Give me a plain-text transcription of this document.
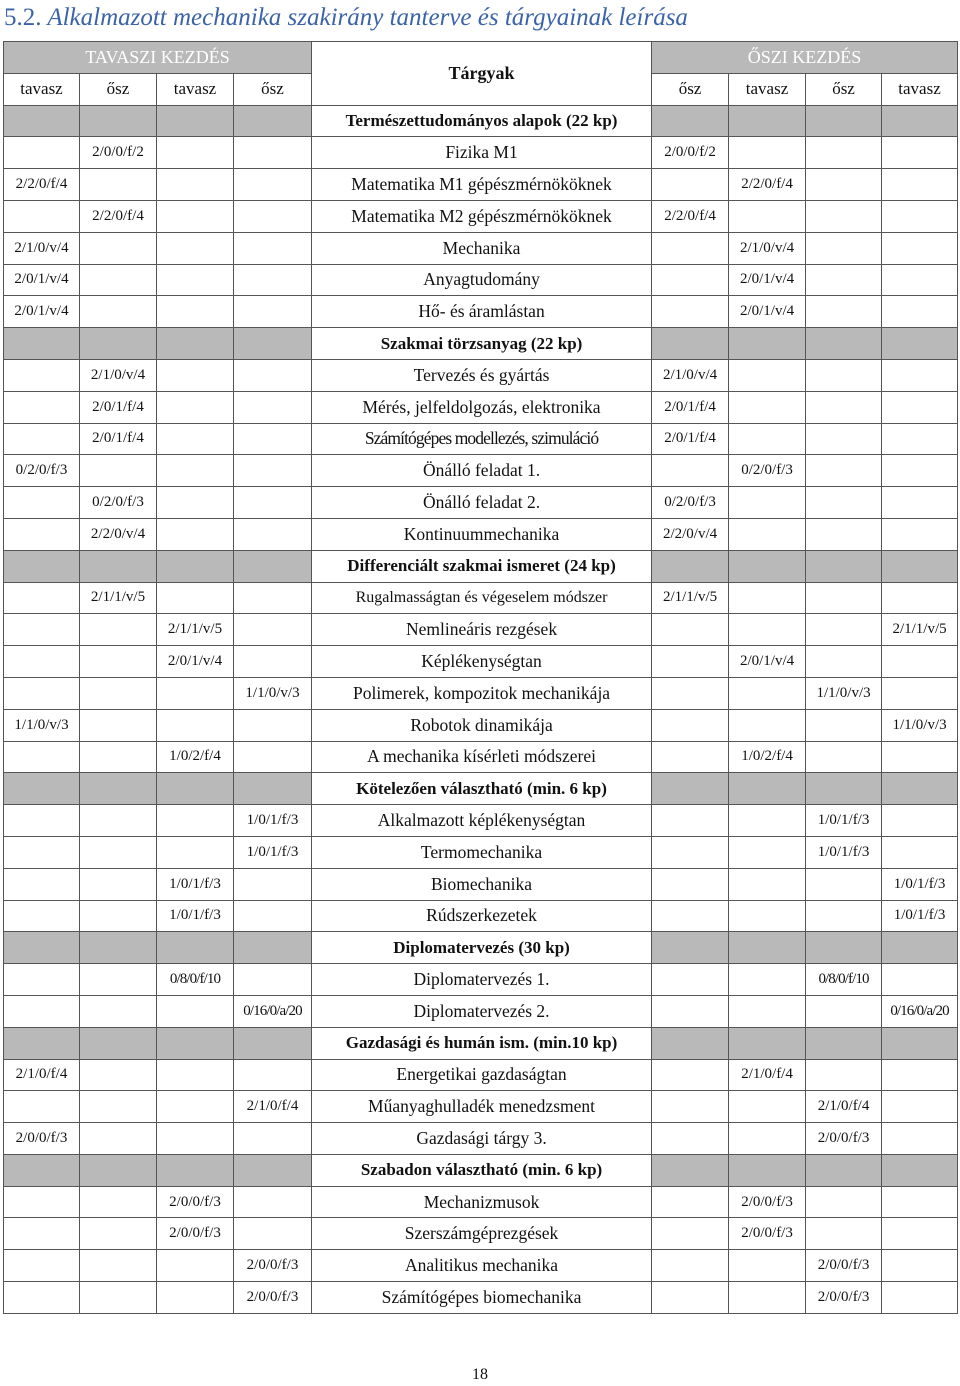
5.2. Alkalmazott mechanika szakirány tanterve és tárgyainak leírása
TAVASZI KEZDÉS				Tárgyak	ŐSZI KEZDÉS			
tavasz	ősz	tavasz	ősz		ősz	tavasz	ősz	tavasz
				Természettudományos alapok (22 kp)				
	2/0/0/f/2			Fizika M1	2/0/0/f/2			
2/2/0/f/4				Matematika M1 gépészmérnököknek		2/2/0/f/4		
	2/2/0/f/4			Matematika M2 gépészmérnököknek	2/2/0/f/4			
2/1/0/v/4				Mechanika		2/1/0/v/4		
2/0/1/v/4				Anyagtudomány		2/0/1/v/4		
2/0/1/v/4				Hő- és áramlástan		2/0/1/v/4		
				Szakmai törzsanyag (22 kp)				
	2/1/0/v/4			Tervezés és gyártás	2/1/0/v/4			
	2/0/1/f/4			Mérés, jelfeldolgozás, elektronika	2/0/1/f/4			
	2/0/1/f/4			Számítógépes modellezés, szimuláció	2/0/1/f/4			
0/2/0/f/3				Önálló feladat 1.		0/2/0/f/3		
	0/2/0/f/3			Önálló feladat 2.	0/2/0/f/3			
	2/2/0/v/4			Kontinuummechanika	2/2/0/v/4			
				Differenciált szakmai ismeret (24 kp)				
	2/1/1/v/5			Rugalmasságtan és végeselem módszer	2/1/1/v/5			
		2/1/1/v/5		Nemlineáris rezgések				2/1/1/v/5
		2/0/1/v/4		Képlékenységtan		2/0/1/v/4		
			1/1/0/v/3	Polimerek, kompozitok mechanikája			1/1/0/v/3	
1/1/0/v/3				Robotok dinamikája				1/1/0/v/3
		1/0/2/f/4		A mechanika kísérleti módszerei		1/0/2/f/4		
				Kötelezően választható (min. 6 kp)				
			1/0/1/f/3	Alkalmazott képlékenységtan			1/0/1/f/3	
			1/0/1/f/3	Termomechanika			1/0/1/f/3	
		1/0/1/f/3		Biomechanika				1/0/1/f/3
		1/0/1/f/3		Rúdszerkezetek				1/0/1/f/3
				Diplomatervezés (30 kp)				
		0/8/0/f/10		Diplomatervezés 1.			0/8/0/f/10	
			0/16/0/a/20	Diplomatervezés 2.				0/16/0/a/20
				Gazdasági és humán ism. (min.10 kp)				
2/1/0/f/4				Energetikai gazdaságtan		2/1/0/f/4		
			2/1/0/f/4	Műanyaghulladék menedzsment			2/1/0/f/4	
2/0/0/f/3				Gazdasági tárgy 3.			2/0/0/f/3	
				Szabadon választható (min. 6 kp)				
		2/0/0/f/3		Mechanizmusok		2/0/0/f/3		
		2/0/0/f/3		Szerszámgéprezgések		2/0/0/f/3		
			2/0/0/f/3	Analitikus mechanika			2/0/0/f/3	
			2/0/0/f/3	Számítógépes biomechanika			2/0/0/f/3	
18
